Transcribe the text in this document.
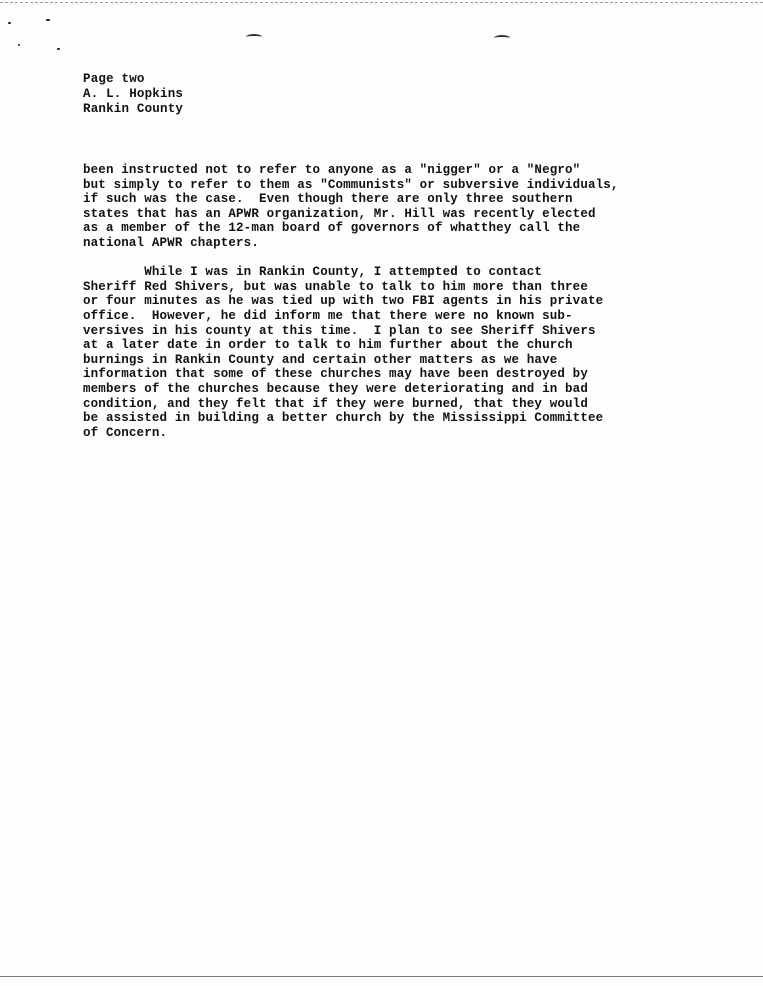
Page two
A. L. Hopkins
Rankin County
been instructed not to refer to anyone as a "nigger" or a "Negro"
but simply to refer to them as "Communists" or subversive individuals,
if such was the case.  Even though there are only three southern
states that has an APWR organization, Mr. Hill was recently elected
as a member of the 12-man board of governors of whatthey call the
national APWR chapters.
While I was in Rankin County, I attempted to contact
Sheriff Red Shivers, but was unable to talk to him more than three
or four minutes as he was tied up with two FBI agents in his private
office.  However, he did inform me that there were no known sub-
versives in his county at this time.  I plan to see Sheriff Shivers
at a later date in order to talk to him further about the church
burnings in Rankin County and certain other matters as we have
information that some of these churches may have been destroyed by
members of the churches because they were deteriorating and in bad
condition, and they felt that if they were burned, that they would
be assisted in building a better church by the Mississippi Committee
of Concern.
